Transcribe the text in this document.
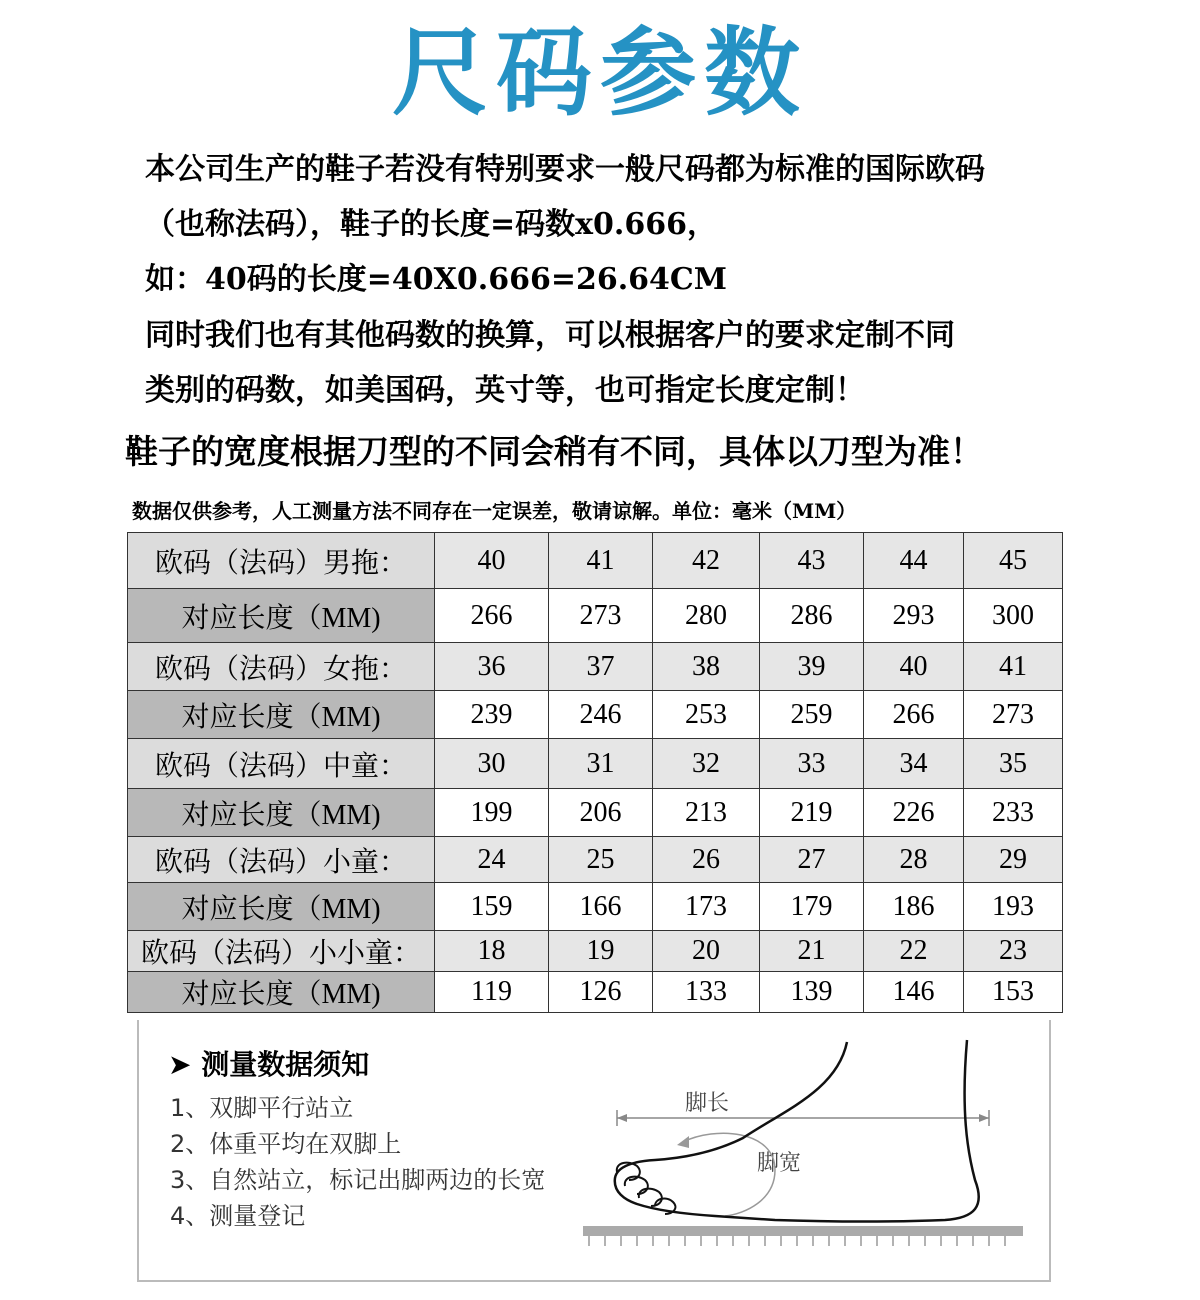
尺码参数
本公司生产的鞋子若没有特别要求一般尺码都为标准的国际欧码
（也称法码），鞋子的长度=码数x0.666，
如：40码的长度=40X0.666=26.64CM
同时我们也有其他码数的换算，可以根据客户的要求定制不同
类别的码数，如美国码，英寸等，也可指定长度定制！
鞋子的宽度根据刀型的不同会稍有不同，具体以刀型为准！
数据仅供参考，人工测量方法不同存在一定误差，敬请谅解。单位：毫米（MM）
欧码（法码）男拖：	40	41	42	43	44	45
对应长度（MM)	266	273	280	286	293	300
欧码（法码）女拖：	36	37	38	39	40	41
对应长度（MM)	239	246	253	259	266	273
欧码（法码）中童：	30	31	32	33	34	35
对应长度（MM)	199	206	213	219	226	233
欧码（法码）小童：	24	25	26	27	28	29
对应长度（MM)	159	166	173	179	186	193
欧码（法码）小小童：	18	19	20	21	22	23
对应长度（MM)	119	126	133	139	146	153
➤ 测量数据须知
1、双脚平行站立
2、体重平均在双脚上
3、自然站立，标记出脚两边的长宽
4、测量登记
脚长
脚宽
